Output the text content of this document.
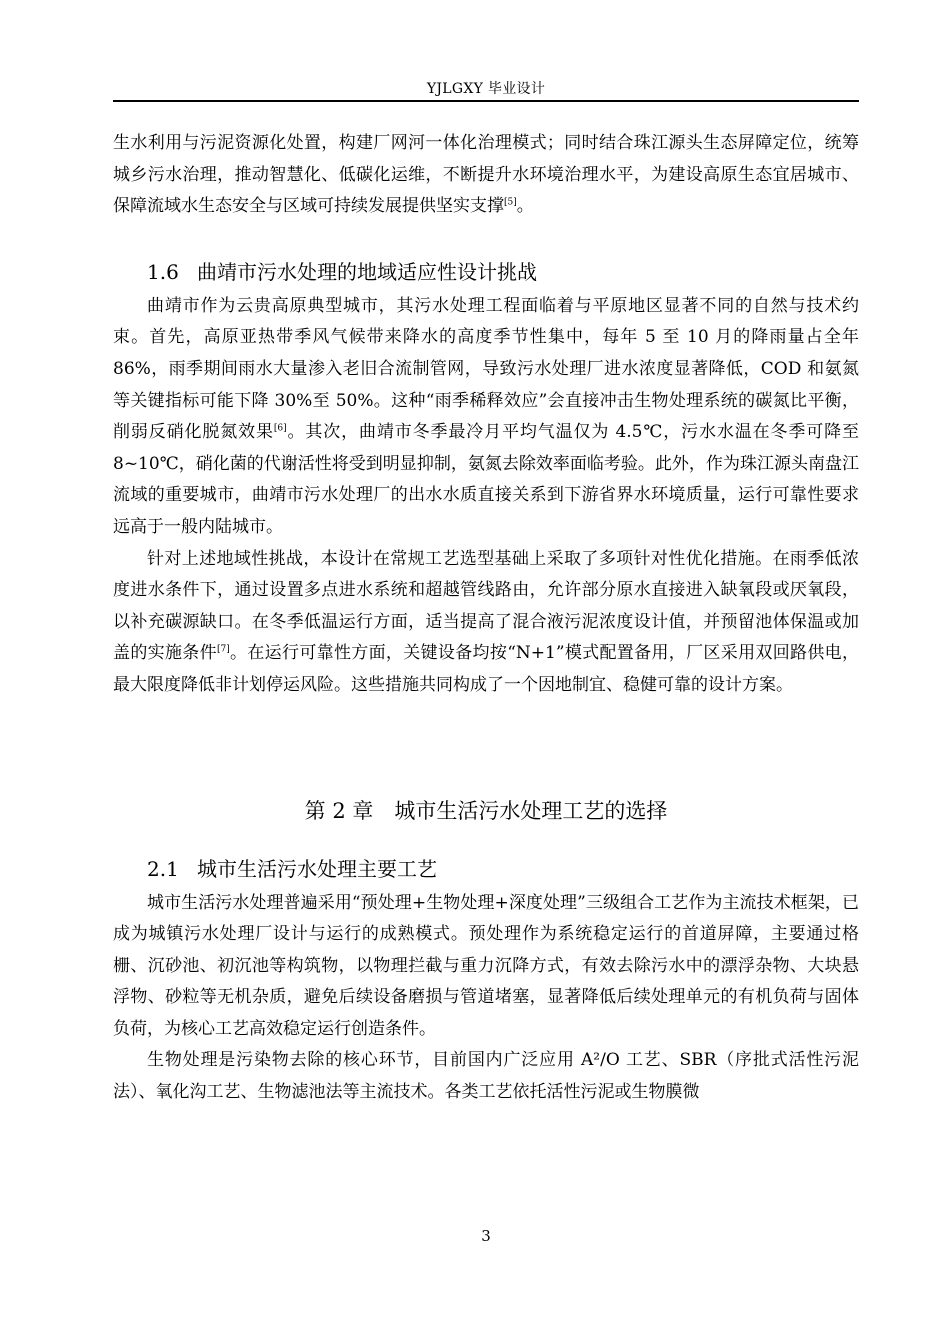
YJLGXY 毕业设计

生水利用与污泥资源化处置，构建厂网河一体化治理模式；同时结合珠江源头生态屏障定位，统筹城乡污水治理，推动智慧化、低碳化运维，不断提升水环境治理水平，为建设高原生态宜居城市、保障流域水生态安全与区域可持续发展提供坚实支撑[5]。

1.6 曲靖市污水处理的地域适应性设计挑战

曲靖市作为云贵高原典型城市，其污水处理工程面临着与平原地区显著不同的自然与技术约束。首先，高原亚热带季风气候带来降水的高度季节性集中，每年 5 至 10 月的降雨量占全年 86%，雨季期间雨水大量渗入老旧合流制管网，导致污水处理厂进水浓度显著降低，COD 和氨氮等关键指标可能下降 30%至 50%。这种“雨季稀释效应”会直接冲击生物处理系统的碳氮比平衡，削弱反硝化脱氮效果[6]。其次，曲靖市冬季最冷月平均气温仅为 4.5℃，污水水温在冬季可降至 8~10℃，硝化菌的代谢活性将受到明显抑制，氨氮去除效率面临考验。此外，作为珠江源头南盘江流域的重要城市，曲靖市污水处理厂的出水水质直接关系到下游省界水环境质量，运行可靠性要求远高于一般内陆城市。

针对上述地域性挑战，本设计在常规工艺选型基础上采取了多项针对性优化措施。在雨季低浓度进水条件下，通过设置多点进水系统和超越管线路由，允许部分原水直接进入缺氧段或厌氧段，以补充碳源缺口。在冬季低温运行方面，适当提高了混合液污泥浓度设计值，并预留池体保温或加盖的实施条件[7]。在运行可靠性方面，关键设备均按“N+1”模式配置备用，厂区采用双回路供电，最大限度降低非计划停运风险。这些措施共同构成了一个因地制宜、稳健可靠的设计方案。

第 2 章　城市生活污水处理工艺的选择
2.1 城市生活污水处理主要工艺

城市生活污水处理普遍采用“预处理+生物处理+深度处理”三级组合工艺作为主流技术框架，已成为城镇污水处理厂设计与运行的成熟模式。预处理作为系统稳定运行的首道屏障，主要通过格栅、沉砂池、初沉池等构筑物，以物理拦截与重力沉降方式，有效去除污水中的漂浮杂物、大块悬浮物、砂粒等无机杂质，避免后续设备磨损与管道堵塞，显著降低后续处理单元的有机负荷与固体负荷，为核心工艺高效稳定运行创造条件。

生物处理是污染物去除的核心环节，目前国内广泛应用 A²/O 工艺、SBR（序批式活性污泥法）、氧化沟工艺、生物滤池法等主流技术。各类工艺依托活性污泥或生物膜微

3
